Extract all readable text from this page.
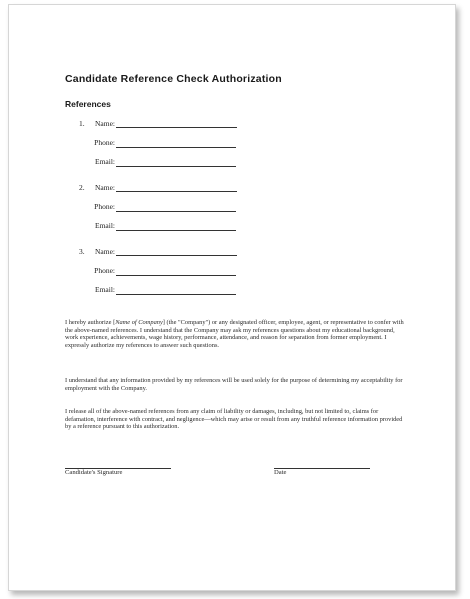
Candidate Reference Check Authorization
References
1. Name:
Phone:
Email:
2. Name:
Phone:
Email:
3. Name:
Phone:
Email:

I hereby authorize [Name of Company] (the "Company") or any designated officer, employee, agent, or representative to confer with the above-named references. I understand that the Company may ask my references questions about my educational background, work experience, achievements, wage history, performance, attendance, and reason for separation from former employment. I expressly authorize my references to answer such questions.

I understand that any information provided by my references will be used solely for the purpose of determining my acceptability for employment with the Company.

I release all of the above-named references from any claim of liability or damages, including, but not limited to, claims for defamation, interference with contract, and negligence—which may arise or result from any truthful reference information provided by a reference pursuant to this authorization.

Candidate's Signature	Date
